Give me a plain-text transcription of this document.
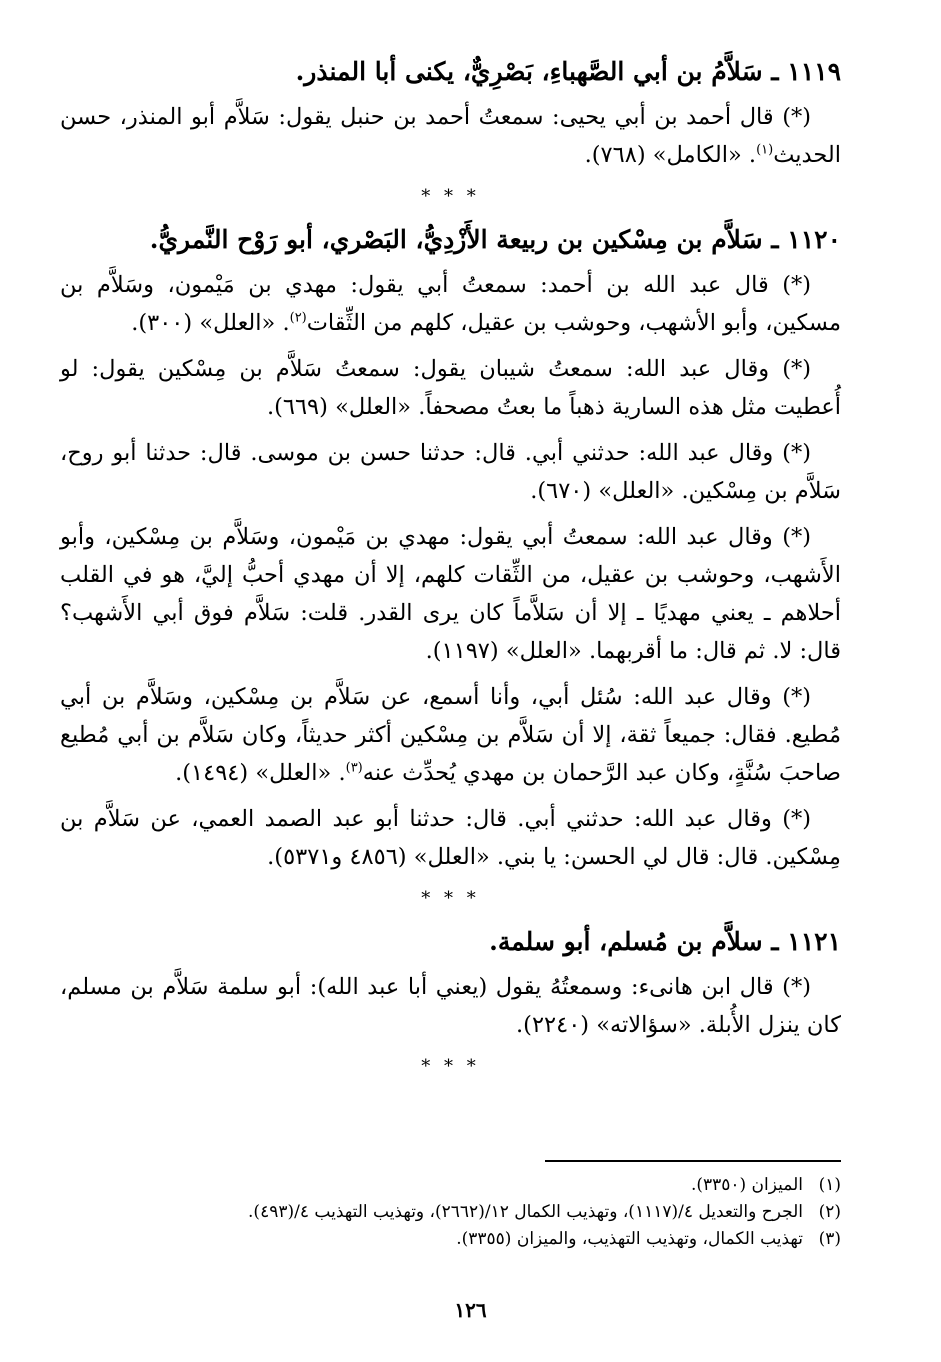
١١١٩ ـ سَلاَّمُ بن أبي الصَّهباءِ، بَصْرِيٌّ، يكنى أبا المنذر.

(*) قال أحمد بن أبي يحيى: سمعتُ أحمد بن حنبل يقول: سَلاَّم أبو المنذر، حسن الحديث$^{(١)}$. «الكامل» (٧٦٨).

* * *
١١٢٠ ـ سَلاَّم بن مِسْكين بن ربيعة الأَزْدِيُّ، البَصْري، أبو رَوْح النَّمريُّ.

(*) قال عبد الله بن أحمد: سمعتُ أبي يقول: مهدي بن مَيْمون، وسَلاَّم بن مسكين، وأبو الأشهب، وحوشب بن عقيل، كلهم من الثِّقات$^{(٢)}$. «العلل» (٣٠٠).

(*) وقال عبد الله: سمعتُ شيبان يقول: سمعتُ سَلاَّم بن مِسْكين يقول: لو أُعطيت مثل هذه السارية ذهباً ما بعتُ مصحفاً. «العلل» (٦٦٩).

(*) وقال عبد الله: حدثني أبي. قال: حدثنا حسن بن موسى. قال: حدثنا أبو روح، سَلاَّم بن مِسْكين. «العلل» (٦٧٠).

(*) وقال عبد الله: سمعتُ أبي يقول: مهدي بن مَيْمون، وسَلاَّم بن مِسْكين، وأبو الأَشهب، وحوشب بن عقيل، من الثِّقات كلهم، إلا أن مهدي أحبُّ إليَّ، هو في القلب أحلاهم ـ يعني مهديًا ـ إلا أن سَلاَّماً كان يرى القدر. قلت: سَلاَّم فوق أبي الأَشهب؟ قال: لا. ثم قال: ما أقربهما. «العلل» (١١٩٧).

(*) وقال عبد الله: سُئل أبي، وأنا أسمع، عن سَلاَّم بن مِسْكين، وسَلاَّم بن أبي مُطيع. فقال: جميعاً ثقة، إلا أن سَلاَّم بن مِسْكين أكثر حديثاً، وكان سَلاَّم بن أبي مُطيع صاحبَ سُنَّةٍ، وكان عبد الرَّحمان بن مهدي يُحدِّث عنه$^{(٣)}$. «العلل» (١٤٩٤).

(*) وقال عبد الله: حدثني أبي. قال: حدثنا أبو عبد الصمد العمي، عن سَلاَّم بن مِسْكين. قال: قال لي الحسن: يا بني. «العلل» (٤٨٥٦ و٥٣٧١).

* * *
١١٢١ ـ سلاَّم بن مُسلم، أبو سلمة.

(*) قال ابن هانىء: وسمعتُهُ يقول (يعني أبا عبد الله): أبو سلمة سَلاَّم بن مسلم، كان ينزل الأُبلة. «سؤالاته» (٢٢٤٠).

* * *

(١)الميزان (٣٣٥٠).

(٢)الجرح والتعديل ٤/(١١١٧)، وتهذيب الكمال ١٢/(٢٦٦٢)، وتهذيب التهذيب ٤/(٤٩٣).

(٣)تهذيب الكمال، وتهذيب التهذيب، والميزان (٣٣٥٥).

١٢٦
